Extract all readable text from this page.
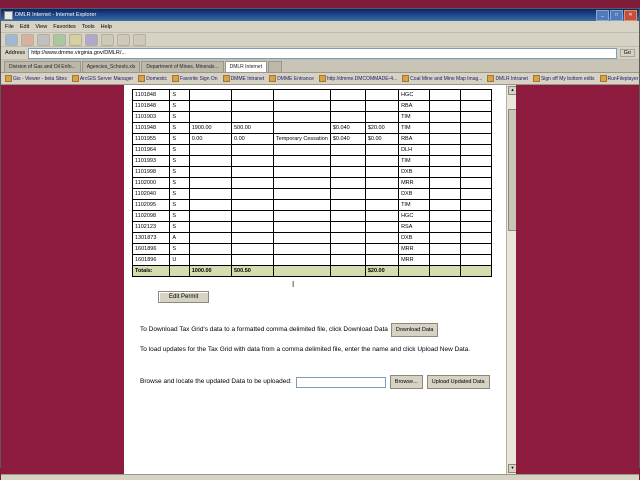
DMLR Internet - Internet Explorer	_	□	✕
File Edit View Favorites Tools Help
Address	http://www.dmme.virginia.gov/DMLR/...	Go
Division of Gas and Oil Enfo...	Agencies_Schools.xls	Department of Mines, Minerals...	DMLR Internet
Gis - Viewer - beta Sites	ArcGIS Server Manager	Domestic	Favorite Sign On	DMME Intranet	DMME Entrance	http://dmme.DMCOMMADE-4...	Coal Mine and Mine Map Imag...	DMLR Intranet	Sign off My bottom edits	RunFileplayer
1101848	S						HGC		
1101848	S						RBA		
1101903	S						TIM		
1101948	S	1900.00	500.00		$0.040	$20.00	TIM		
1101955	S	0.00	0.00	Temporary Cessation	$0.040	$0.00	RBA		
1101964	S						DLH		
1101993	S						TIM		
1101998	S						DXB		
1102000	S						MRR		
1102040	S						DXB		
1102095	S						TIM		
1102098	S						HGC		
1102123	S						RSA		
1301873	A						DXB		
1601896	S						MRR		
1601896	U						MRR		
Totals:		1000.00	500.50			$20.00			
Edit Permit
I
To Download Tax Grid's data to a formatted comma delimited file, click Download Data	Download Data
To load updates for the Tax Grid with data from a comma delimited file, enter the name and click Upload New Data.
Browse and locate the updated Data to be uploaded:	Browse...	Upload Updated Data
▲
▼
